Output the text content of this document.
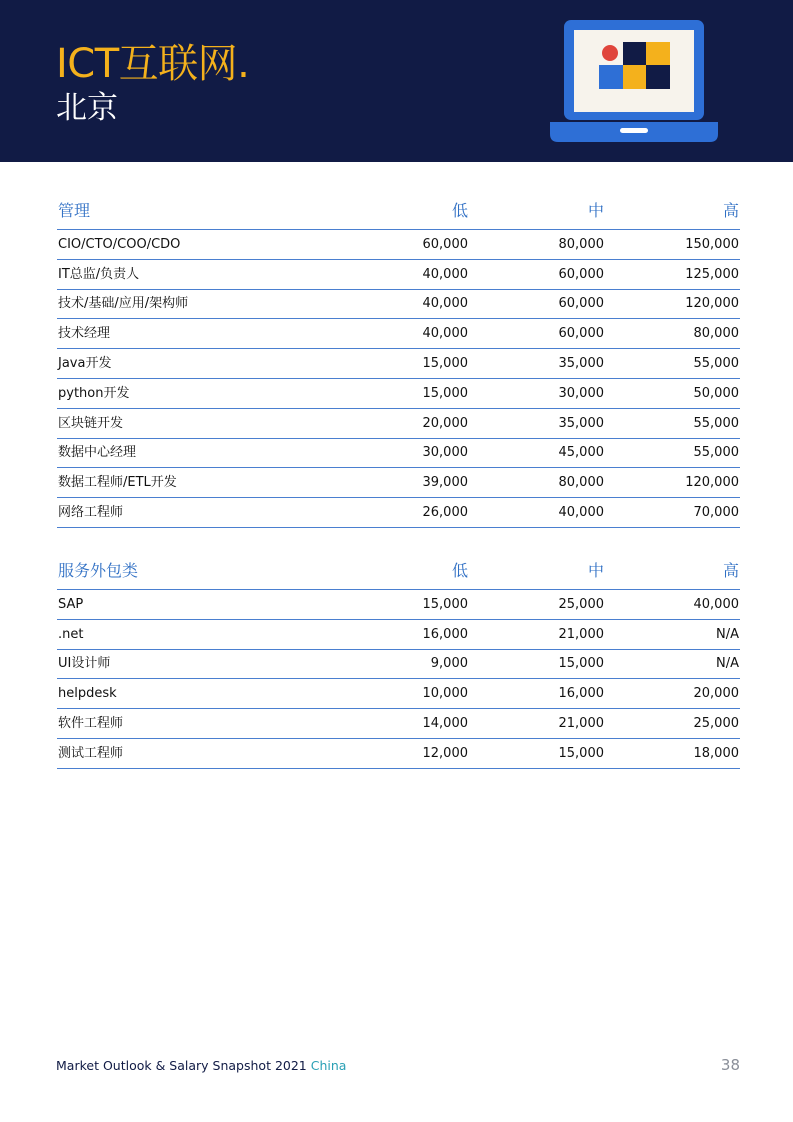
ICT互联网.
北京
管理	低	中	高
CIO/CTO/COO/CDO	60,000	80,000	150,000
IT总监/负责人	40,000	60,000	125,000
技术/基础/应用/架构师	40,000	60,000	120,000
技术经理	40,000	60,000	80,000
Java开发	15,000	35,000	55,000
python开发	15,000	30,000	50,000
区块链开发	20,000	35,000	55,000
数据中心经理	30,000	45,000	55,000
数据工程师/ETL开发	39,000	80,000	120,000
网络工程师	26,000	40,000	70,000
服务外包类	低	中	高
SAP	15,000	25,000	40,000
.net	16,000	21,000	N/A
UI设计师	9,000	15,000	N/A
helpdesk	10,000	16,000	20,000
软件工程师	14,000	21,000	25,000
测试工程师	12,000	15,000	18,000
Market Outlook & Salary Snapshot 2021 China	38
